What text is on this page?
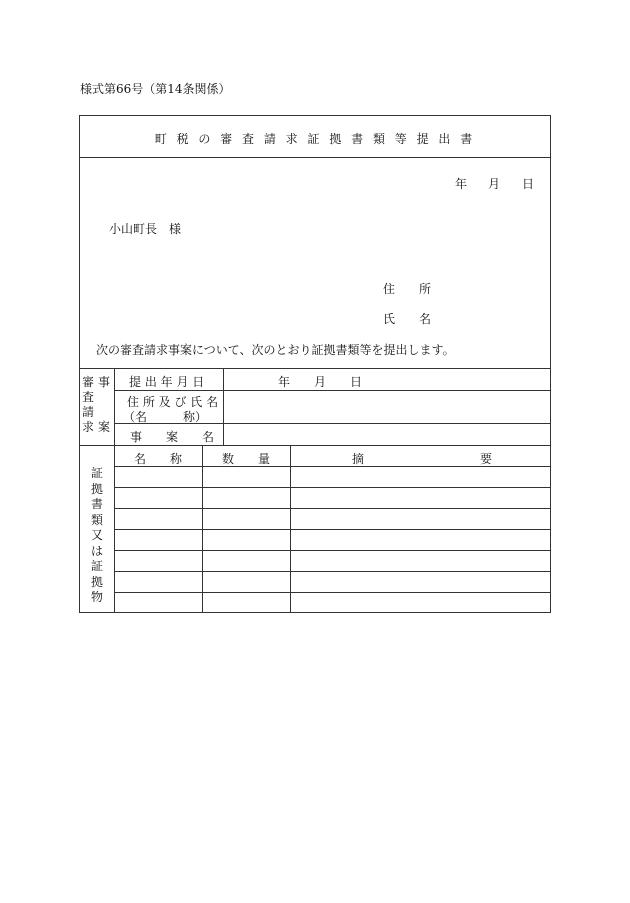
様式第66号（第14条関係）
町 税 の 審 査 請 求 証 拠 書 類 等 提 出 書
年 月 日
小山町長　様
住　　所
氏　　名
次の審査請求事案について、次のとおり証拠書類等を提出します。
審
査
請
求
事

案
提 出 年 月 日	年　　月　　日
住 所 及 び 氏 名
（名　　　称）
事　　案　　名
証
拠
書
類
又
は
証
拠
物
名　　称	数　　量	摘	要
